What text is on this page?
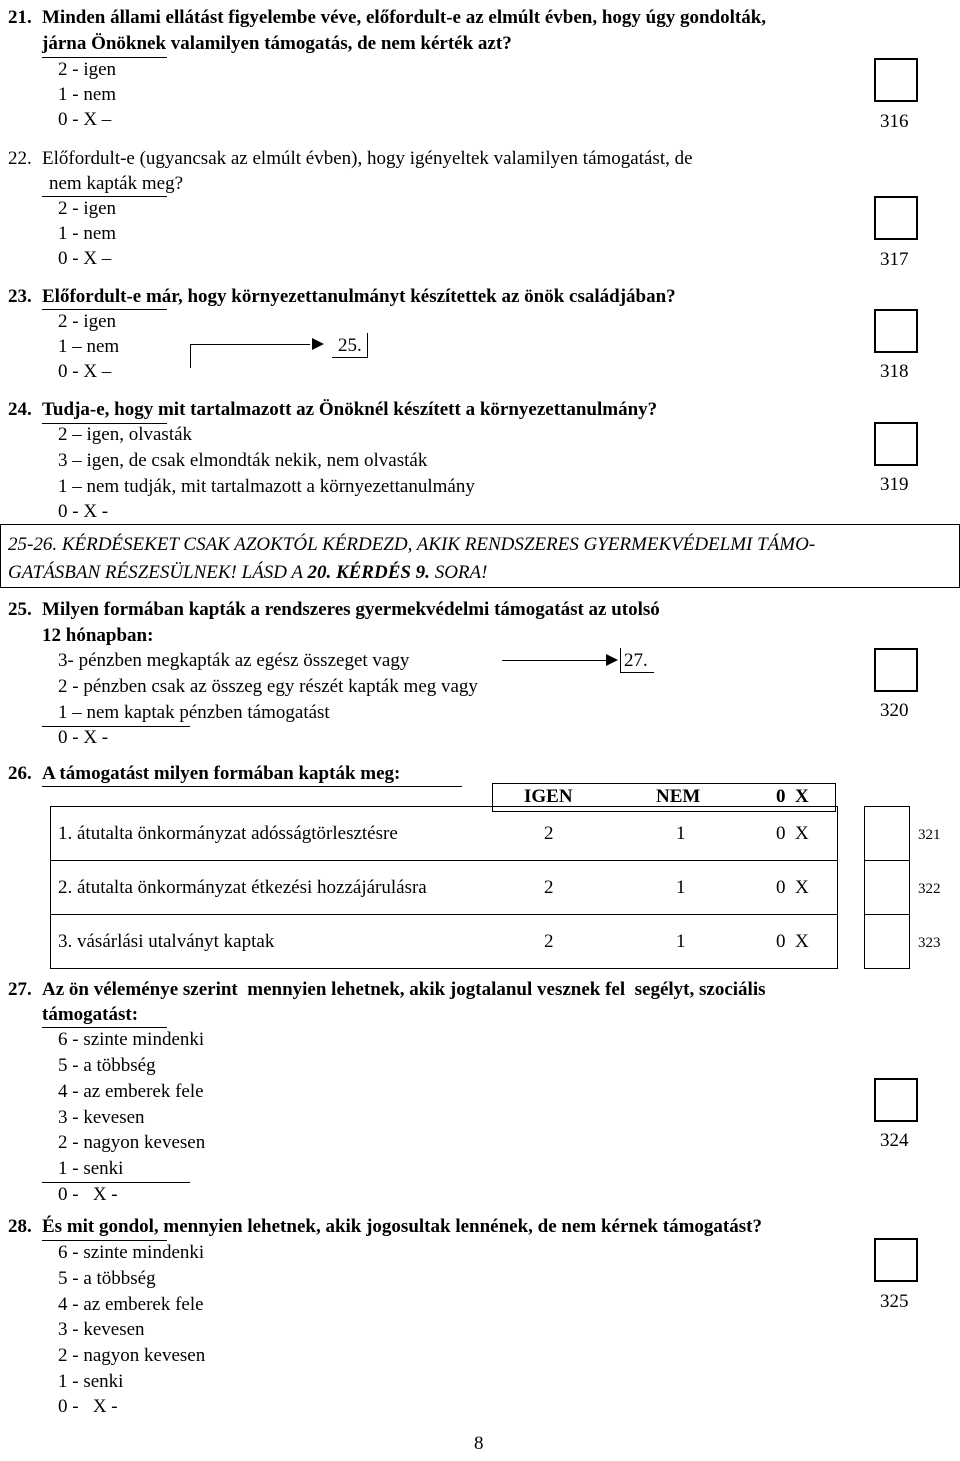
21. Minden állami ellátást figyelembe véve, előfordult-e az elmúlt évben, hogy úgy gondolták,
járna Önöknek valamilyen támogatás, de nem kérték azt?
2 - igen
1 - nem
0 - X –	316
22. Előfordult-e (ugyancsak az elmúlt évben), hogy igényeltek valamilyen támogatást, de
nem kapták meg?
2 - igen
1 - nem
0 - X –	317
23. Előfordult-e már, hogy környezettanulmányt készítettek az önök családjában?
2 - igen
1 – nem
0 - X –
25.
318
24. Tudja-e, hogy mit tartalmazott az Önöknél készített a környezettanulmány?
2 – igen, olvasták
3 – igen, de csak elmondták nekik, nem olvasták
1 – nem tudják, mit tartalmazott a környezettanulmány
0 - X -
319
25-26. KÉRDÉSEKET CSAK AZOKTÓL KÉRDEZD, AKIK RENDSZERES GYERMEKVÉDELMI TÁMO-
GATÁSBAN RÉSZESÜLNEK! LÁSD A 20. KÉRDÉS 9. SORA!
25. Milyen formában kapták a rendszeres gyermekvédelmi támogatást az utolsó
12 hónapban:
3- pénzben megkapták az egész összeget vagy
2 - pénzben csak az összeg egy részét kapták meg vagy
1 – nem kaptak pénzben támogatást
0 - X -
27.
320
26. A támogatást milyen formában kapták meg:
IGEN	NEM	0  X
1. átutalta önkormányzat adósságtörlesztésre	2	1	0  X	321
2. átutalta önkormányzat étkezési hozzájárulásra	2	1	0  X	322
3. vásárlási utalványt kaptak	2	1	0  X	323
27. Az ön véleménye szerint  mennyien lehetnek, akik jogtalanul vesznek fel  segélyt, szociális
támogatást:
6 - szinte mindenki
5 - a többség
4 - az emberek fele
3 - kevesen
2 - nagyon kevesen
1 - senki
0 -   X -
324
28. És mit gondol, mennyien lehetnek, akik jogosultak lennének, de nem kérnek támogatást?
6 - szinte mindenki
5 - a többség
4 - az emberek fele
3 - kevesen
2 - nagyon kevesen
1 - senki
0 -   X -
325
8
